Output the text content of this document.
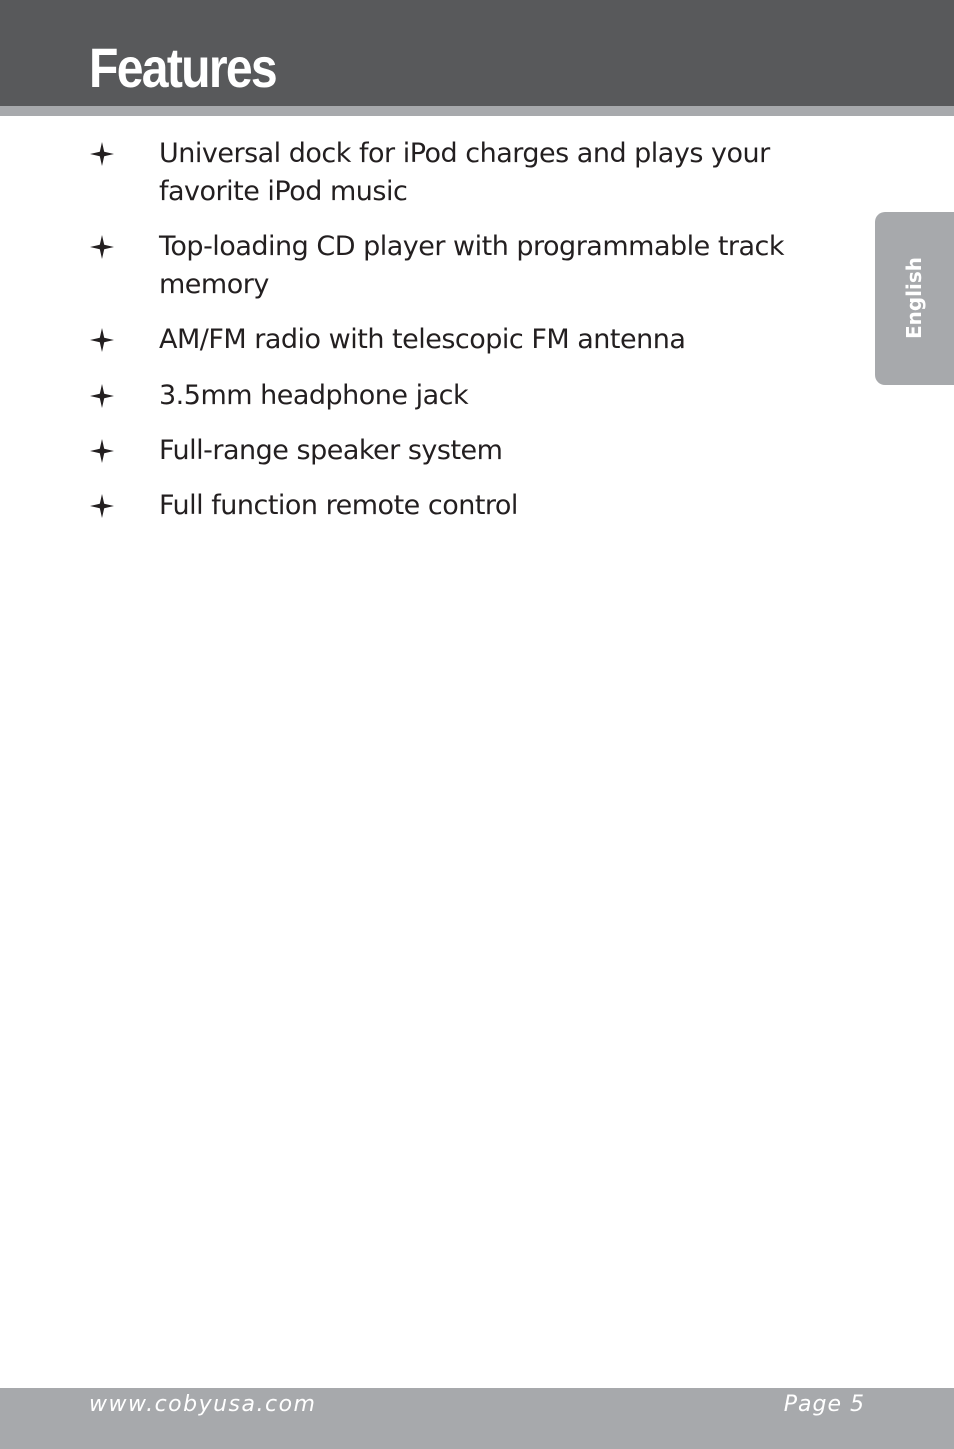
Features
Universal dock for iPod charges and plays your favorite iPod music
Top-loading CD player with programmable track memory
AM/FM radio with telescopic FM antenna
3.5mm headphone jack
Full-range speaker system
Full function remote control
English
www.cobyusa.com	Page 5
